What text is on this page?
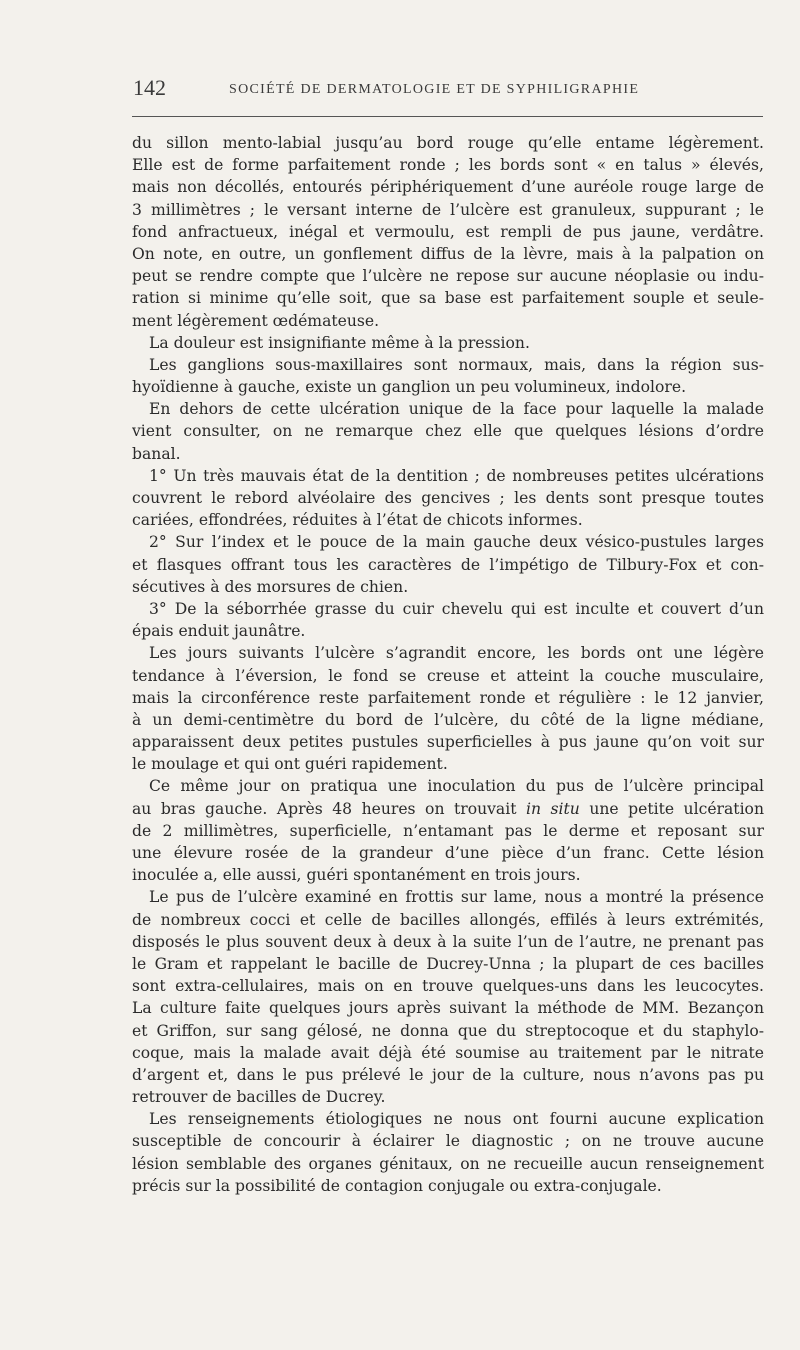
142	SOCIÉTÉ DE DERMATOLOGIE ET DE SYPHILIGRAPHIE
du sillon mento-labial jusqu’au bord rouge qu’elle entame légèrement.
Elle est de forme parfaitement ronde ; les bords sont « en talus » élevés,
mais non décollés, entourés périphériquement d’une auréole rouge large de
3 millimètres ; le versant interne de l’ulcère est granuleux, suppurant ; le
fond anfractueux, inégal et vermoulu, est rempli de pus jaune, verdâtre.
On note, en outre, un gonflement diffus de la lèvre, mais à la palpation on
peut se rendre compte que l’ulcère ne repose sur aucune néoplasie ou indu-
ration si minime qu’elle soit, que sa base est parfaitement souple et seule-
ment légèrement œdémateuse.
La douleur est insignifiante même à la pression.
Les ganglions sous-maxillaires sont normaux, mais, dans la région sus-
hyoïdienne à gauche, existe un ganglion un peu volumineux, indolore.
En dehors de cette ulcération unique de la face pour laquelle la malade
vient consulter, on ne remarque chez elle que quelques lésions d’ordre
banal.
1° Un très mauvais état de la dentition ; de nombreuses petites ulcérations
couvrent le rebord alvéolaire des gencives ; les dents sont presque toutes
cariées, effondrées, réduites à l’état de chicots informes.
2° Sur l’index et le pouce de la main gauche deux vésico-pustules larges
et flasques offrant tous les caractères de l’impétigo de Tilbury-Fox et con-
sécutives à des morsures de chien.
3° De la séborrhée grasse du cuir chevelu qui est inculte et couvert d’un
épais enduit jaunâtre.
Les jours suivants l’ulcère s’agrandit encore, les bords ont une légère
tendance à l’éversion, le fond se creuse et atteint la couche musculaire,
mais la circonférence reste parfaitement ronde et régulière : le 12 janvier,
à un demi-centimètre du bord de l’ulcère, du côté de la ligne médiane,
apparaissent deux petites pustules superficielles à pus jaune qu’on voit sur
le moulage et qui ont guéri rapidement.
Ce même jour on pratiqua une inoculation du pus de l’ulcère principal
au bras gauche. Après 48 heures on trouvait in situ une petite ulcération
de 2 millimètres, superficielle, n’entamant pas le derme et reposant sur
une élevure rosée de la grandeur d’une pièce d’un franc. Cette lésion
inoculée a, elle aussi, guéri spontanément en trois jours.
Le pus de l’ulcère examiné en frottis sur lame, nous a montré la présence
de nombreux cocci et celle de bacilles allongés, effilés à leurs extrémités,
disposés le plus souvent deux à deux à la suite l’un de l’autre, ne prenant pas
le Gram et rappelant le bacille de Ducrey-Unna ; la plupart de ces bacilles
sont extra-cellulaires, mais on en trouve quelques-uns dans les leucocytes.
La culture faite quelques jours après suivant la méthode de MM. Bezançon
et Griffon, sur sang gélosé, ne donna que du streptocoque et du staphylo-
coque, mais la malade avait déjà été soumise au traitement par le nitrate
d’argent et, dans le pus prélevé le jour de la culture, nous n’avons pas pu
retrouver de bacilles de Ducrey.
Les renseignements étiologiques ne nous ont fourni aucune explication
susceptible de concourir à éclairer le diagnostic ; on ne trouve aucune
lésion semblable des organes génitaux, on ne recueille aucun renseignement
précis sur la possibilité de contagion conjugale ou extra-conjugale.
